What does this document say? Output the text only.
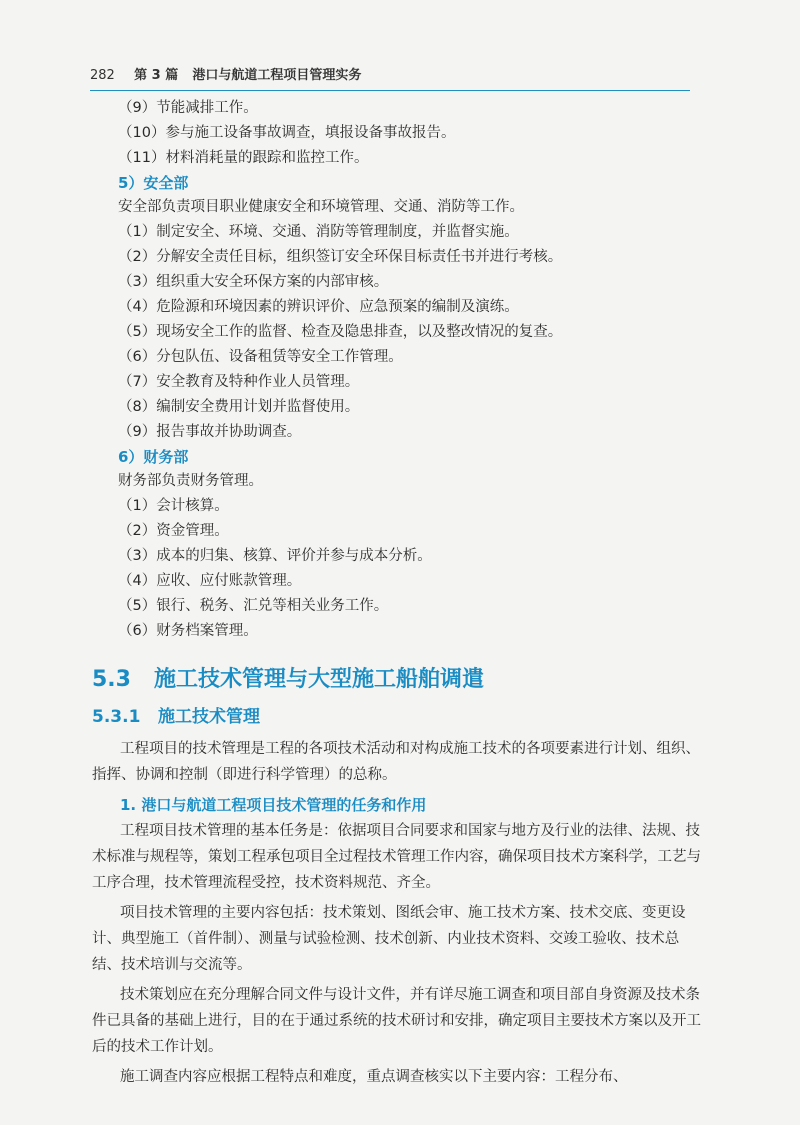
282 第 3 篇 港口与航道工程项目管理实务
（9）节能减排工作。
（10）参与施工设备事故调查，填报设备事故报告。
（11）材料消耗量的跟踪和监控工作。
5）安全部
安全部负责项目职业健康安全和环境管理、交通、消防等工作。
（1）制定安全、环境、交通、消防等管理制度，并监督实施。
（2）分解安全责任目标，组织签订安全环保目标责任书并进行考核。
（3）组织重大安全环保方案的内部审核。
（4）危险源和环境因素的辨识评价、应急预案的编制及演练。
（5）现场安全工作的监督、检查及隐患排查，以及整改情况的复查。
（6）分包队伍、设备租赁等安全工作管理。
（7）安全教育及特种作业人员管理。
（8）编制安全费用计划并监督使用。
（9）报告事故并协助调查。
6）财务部
财务部负责财务管理。
（1）会计核算。
（2）资金管理。
（3）成本的归集、核算、评价并参与成本分析。
（4）应收、应付账款管理。
（5）银行、税务、汇兑等相关业务工作。
（6）财务档案管理。
5.3 施工技术管理与大型施工船舶调遣
5.3.1 施工技术管理

工程项目的技术管理是工程的各项技术活动和对构成施工技术的各项要素进行计划、组织、指挥、协调和控制（即进行科学管理）的总称。

1. 港口与航道工程项目技术管理的任务和作用

工程项目技术管理的基本任务是：依据项目合同要求和国家与地方及行业的法律、法规、技术标准与规程等，策划工程承包项目全过程技术管理工作内容，确保项目技术方案科学，工艺与工序合理，技术管理流程受控，技术资料规范、齐全。

项目技术管理的主要内容包括：技术策划、图纸会审、施工技术方案、技术交底、变更设计、典型施工（首件制）、测量与试验检测、技术创新、内业技术资料、交竣工验收、技术总结、技术培训与交流等。

技术策划应在充分理解合同文件与设计文件，并有详尽施工调查和项目部自身资源及技术条件已具备的基础上进行，目的在于通过系统的技术研讨和安排，确定项目主要技术方案以及开工后的技术工作计划。

施工调查内容应根据工程特点和难度，重点调查核实以下主要内容：工程分布、
